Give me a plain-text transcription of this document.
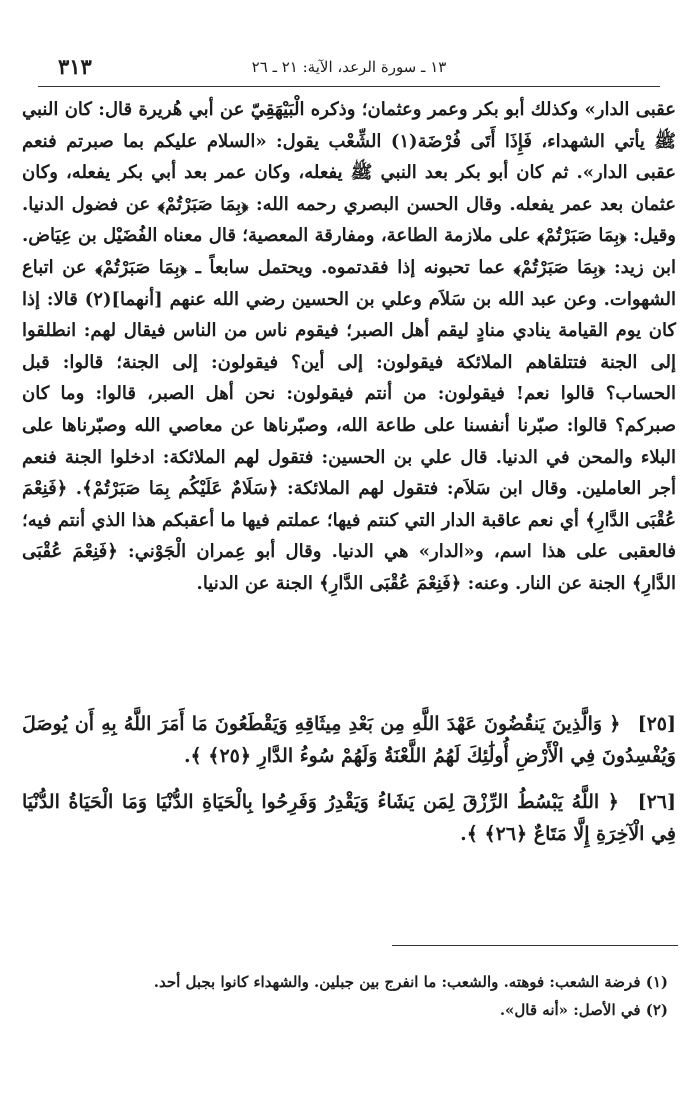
٣١٣	١٣ ـ سورة الرعد، الآية: ٢١ ـ ٢٦

عقبى الدار» وكذلك أبو بكر وعمر وعثمان؛ وذكره الْبَيْهَقِيّ عن أبي هُريرة قال: كان النبي ﷺ يأتي الشهداء، فَإِذَا أَتَى فُرْضَة(١) الشِّعْب يقول: «السلام عليكم بما صبرتم فنعم عقبى الدار». ثم كان أبو بكر بعد النبي ﷺ يفعله، وكان عمر بعد أبي بكر يفعله، وكان عثمان بعد عمر يفعله. وقال الحسن البصري رحمه الله: ﴿بِمَا صَبَرْتُمْ﴾ عن فضول الدنيا. وقيل: ﴿بِمَا صَبَرْتُمْ﴾ على ملازمة الطاعة، ومفارقة المعصية؛ قال معناه الفُضَيْل بن عِيَاض. ابن زيد: ﴿بِمَا صَبَرْتُمْ﴾ عما تحبونه إذا فقدتموه. ويحتمل سابعاً ـ ﴿بِمَا صَبَرْتُمْ﴾ عن اتباع الشهوات. وعن عبد الله بن سَلاَم وعلي بن الحسين رضي الله عنهم [أنهما](٢) قالا: إذا كان يوم القيامة ينادي منادٍ ليقم أهل الصبر؛ فيقوم ناس من الناس فيقال لهم: انطلقوا إلى الجنة فتتلقاهم الملائكة فيقولون: إلى أين؟ فيقولون: إلى الجنة؛ قالوا: قبل الحساب؟ قالوا نعم! فيقولون: من أنتم فيقولون: نحن أهل الصبر، قالوا: وما كان صبركم؟ قالوا: صبّرنا أنفسنا على طاعة الله، وصبّرناها عن معاصي الله وصبّرناها على البلاء والمحن في الدنيا. قال علي بن الحسين: فتقول لهم الملائكة: ادخلوا الجنة فنعم أجر العاملين. وقال ابن سَلاَم: فتقول لهم الملائكة: ﴿سَلَامٌ عَلَيْكُم بِمَا صَبَرْتُمْ﴾. ﴿فَنِعْمَ عُقْبَى الدَّارِ﴾ أي نعم عاقبة الدار التي كنتم فيها؛ عملتم فيها ما أعقبكم هذا الذي أنتم فيه؛ فالعقبى على هذا اسم، و«الدار» هي الدنيا. وقال أبو عِمران الْجَوْني: ﴿فَنِعْمَ عُقْبَى الدَّارِ﴾ الجنة عن النار. وعنه: ﴿فَنِعْمَ عُقْبَى الدَّارِ﴾ الجنة عن الدنيا.

[٢٥] ﴿ وَالَّذِينَ يَنقُضُونَ عَهْدَ اللَّهِ مِن بَعْدِ مِيثَاقِهِ وَيَقْطَعُونَ مَا أَمَرَ اللَّهُ بِهِ أَن يُوصَلَ وَيُفْسِدُونَ فِي الْأَرْضِ أُولَٰئِكَ لَهُمُ اللَّعْنَةُ وَلَهُمْ سُوءُ الدَّارِ ﴿٢٥﴾ ﴾.
[٢٦] ﴿ اللَّهُ يَبْسُطُ الرِّزْقَ لِمَن يَشَاءُ وَيَقْدِرُ وَفَرِحُوا بِالْحَيَاةِ الدُّنْيَا وَمَا الْحَيَاةُ الدُّنْيَا فِي الْآخِرَةِ إِلَّا مَتَاعٌ ﴿٢٦﴾ ﴾.
(١) فرضة الشعب: فوهته. والشعب: ما انفرج بين جبلين. والشهداء كانوا بجبل أحد.
(٢) في الأصل: «أنه قال».
